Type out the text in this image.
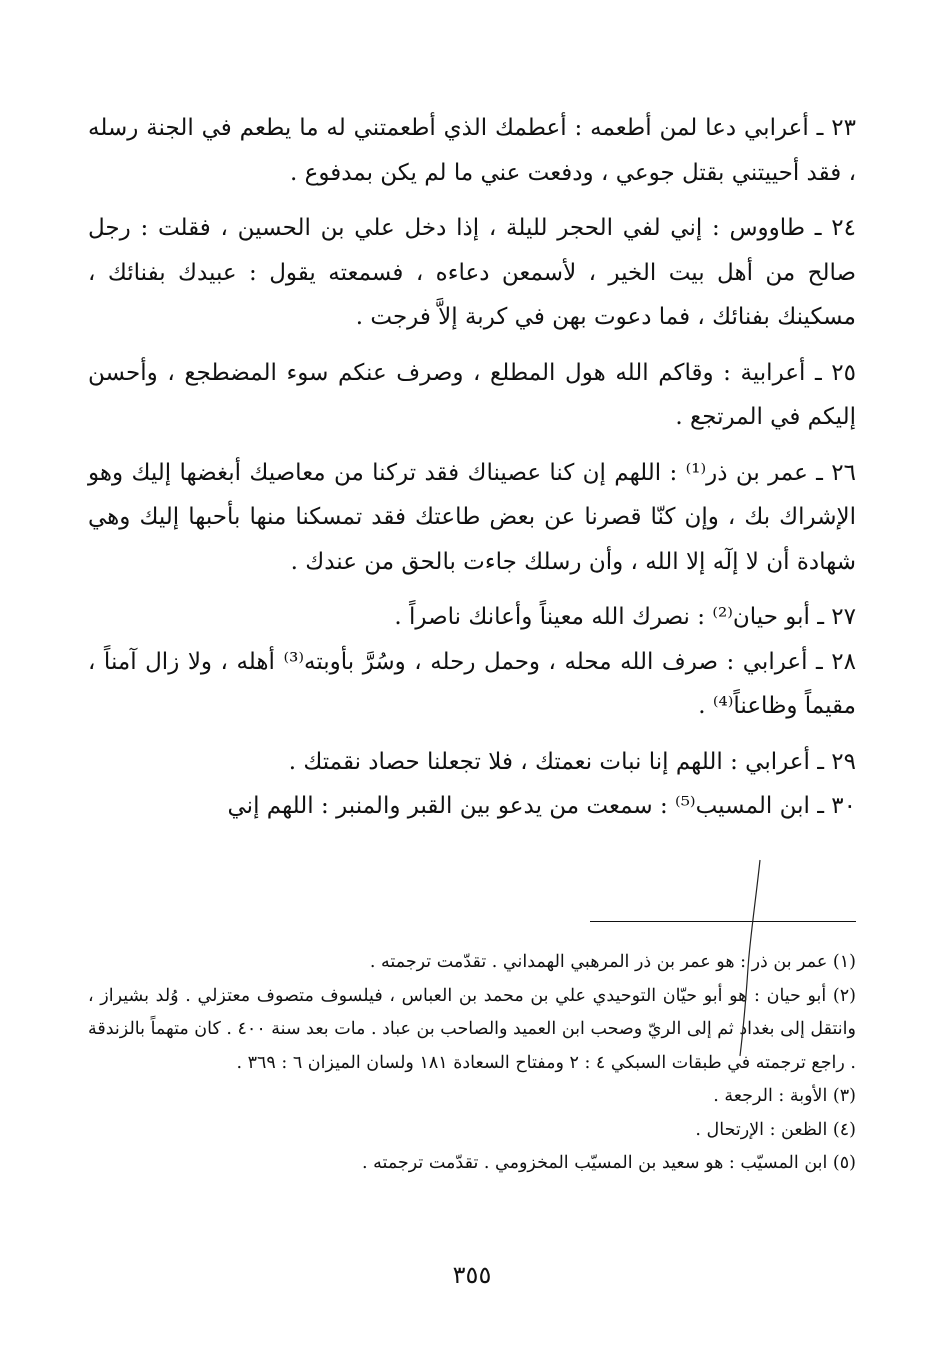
٢٣ ـ أعرابي دعا لمن أطعمه : أعطمك الذي أطعمتني له ما يطعم في الجنة رسله ، فقد أحييتني بقتل جوعي ، ودفعت عني ما لم يكن بمدفوع .

٢٤ ـ طاووس : إني لفي الحجر لليلة ، إذا دخل علي بن الحسين ، فقلت : رجل صالح من أهل بيت الخير ، لأسمعن دعاءه ، فسمعته يقول : عبيدك بفنائك ، مسكينك بفنائك ، فما دعوت بهن في كربة إلاَّ فرجت .

٢٥ ـ أعرابية : وقاكم الله هول المطلع ، وصرف عنكم سوء المضطجع ، وأحسن إليكم في المرتجع .

٢٦ ـ عمر بن ذر⁽¹⁾ : اللهم إن كنا عصيناك فقد تركنا من معاصيك أبغضها إليك وهو الإشراك بك ، وإن كنّا قصرنا عن بعض طاعتك فقد تمسكنا منها بأحبها إليك وهي شهادة أن لا إلٓه إلا الله ، وأن رسلك جاءت بالحق من عندك .

٢٧ ـ أبو حيان⁽²⁾ : نصرك الله معيناً وأعانك ناصراً .

٢٨ ـ أعرابي : صرف الله محله ، وحمل رحله ، وسُرَّ بأوبته⁽³⁾ أهله ، ولا زال آمناً ، مقيماً وظاعناً⁽⁴⁾ .

٢٩ ـ أعرابي : اللهم إنا نبات نعمتك ، فلا تجعلنا حصاد نقمتك .

٣٠ ـ ابن المسيب⁽⁵⁾ : سمعت من يدعو بين القبر والمنبر : اللهم إني

(١) عمر بن ذر : هو عمر بن ذر المرهبي الهمداني . تقدّمت ترجمته .

(٢) أبو حيان : هو أبو حيّان التوحيدي علي بن محمد بن العباس ، فيلسوف متصوف معتزلي . وُلد بشيراز ، وانتقل إلى بغداد ثم إلى الريّ وصحب ابن العميد والصاحب بن عباد . مات بعد سنة ٤٠٠ . كان متهماً بالزندقة . راجع ترجمته في طبقات السبكي ٤ : ٢ ومفتاح السعادة ١٨١ ولسان الميزان ٦ : ٣٦٩ .

(٣) الأوبة : الرجعة .

(٤) الظعن : الإرتحال .

(٥) ابن المسيّب : هو سعيد بن المسيّب المخزومي . تقدّمت ترجمته .

٣٥٥
